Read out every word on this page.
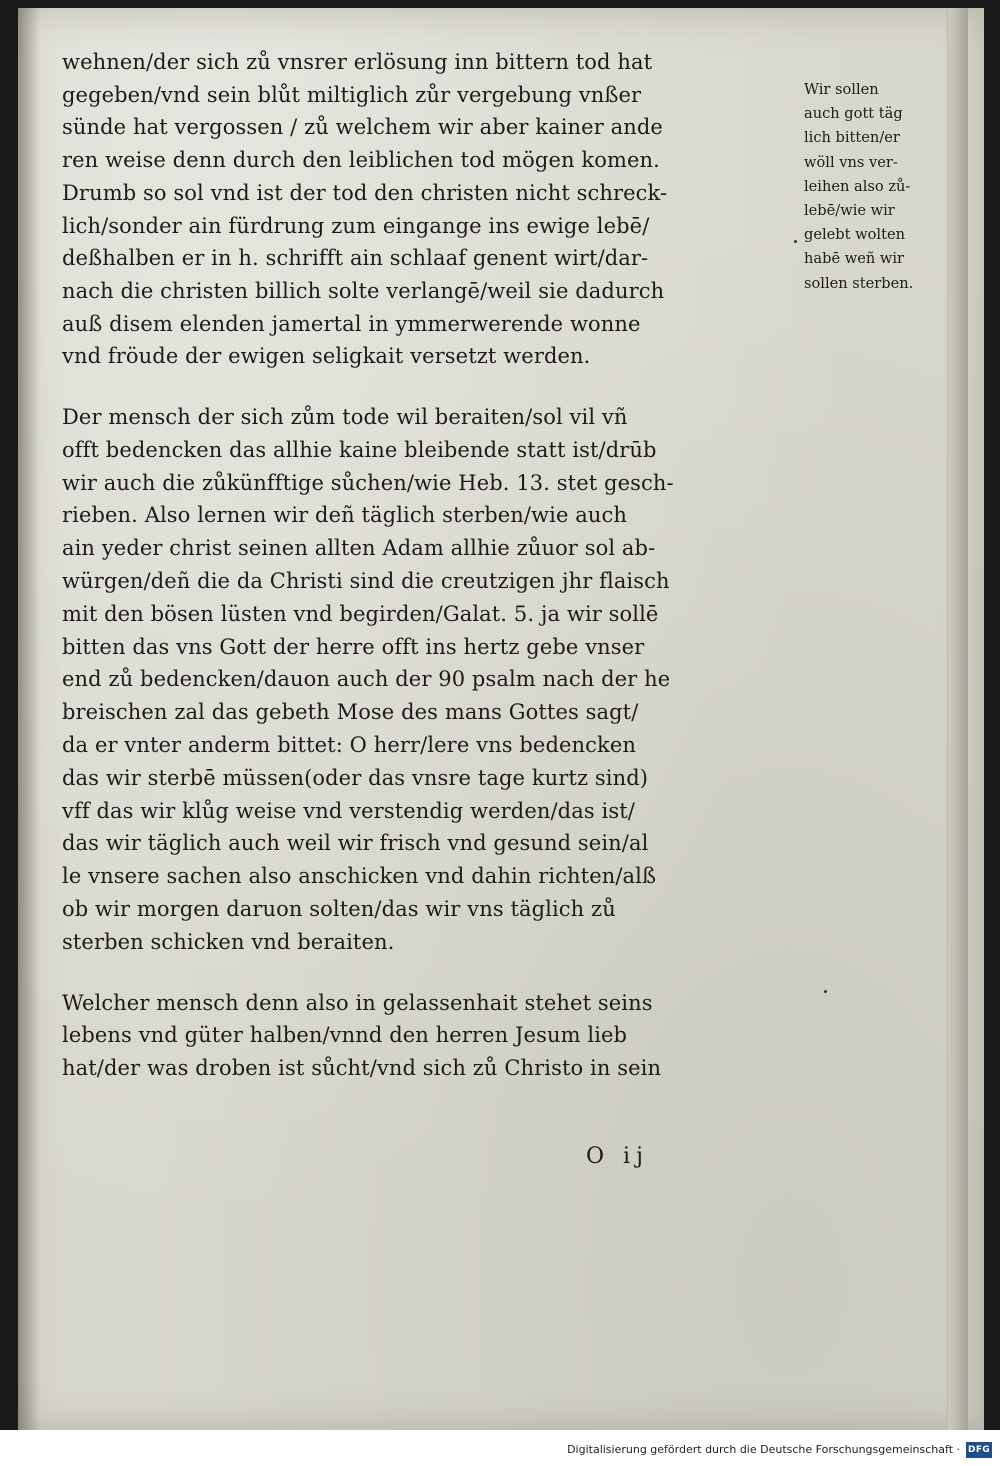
wehnen/der sich zů vnsrer erlösung inn bittern tod hat
gegeben/vnd sein blůt miltiglich zůr vergebung vnßer
sünde hat vergossen / zů welchem wir aber kainer ande
ren weise denn durch den leiblichen tod mögen komen.
Drumb so sol vnd ist der tod den christen nicht schreck-
lich/sonder ain fürdrung zum eingange ins ewige lebē/
deßhalben er in h. schrifft ain schlaaf genent wirt/dar-
nach die christen billich solte verlangē/weil sie dadurch
auß disem elenden jamertal in ymmerwerende wonne
vnd fröude der ewigen seligkait versetzt werden.

Der mensch der sich zům tode wil beraiten/sol vil vñ
offt bedencken das allhie kaine bleibende statt ist/drūb
wir auch die zůkünfftige sůchen/wie Heb. 13. stet gesch-
rieben. Also lernen wir deñ täglich sterben/wie auch
ain yeder christ seinen allten Adam allhie zůuor sol ab-
würgen/deñ die da Christi sind die creutzigen jhr flaisch
mit den bösen lüsten vnd begirden/Galat. 5. ja wir sollē
bitten das vns Gott der herre offt ins hertz gebe vnser
end zů bedencken/dauon auch der 90 psalm nach der he
breischen zal das gebeth Mose des mans Gottes sagt/
da er vnter anderm bittet: O herr/lere vns bedencken
das wir sterbē müssen(oder das vnsre tage kurtz sind)
vff das wir klůg weise vnd verstendig werden/das ist/
das wir täglich auch weil wir frisch vnd gesund sein/al
le vnsere sachen also anschicken vnd dahin richten/alß
ob wir morgen daruon solten/das wir vns täglich zů
sterben schicken vnd beraiten.

Welcher mensch denn also in gelassenhait stehet seins
lebens vnd güter halben/vnnd den herren Jesum lieb
hat/der was droben ist sůcht/vnd sich zů Christo in sein

Wir sollen
auch gott täg
lich bitten/er
wöll vns ver-
leihen also zů-
lebē/wie wir
gelebt wolten
habē weñ wir
sollen sterben.
O ij
Digitalisierung gefördert durch die Deutsche Forschungsgemeinschaft · DFG
